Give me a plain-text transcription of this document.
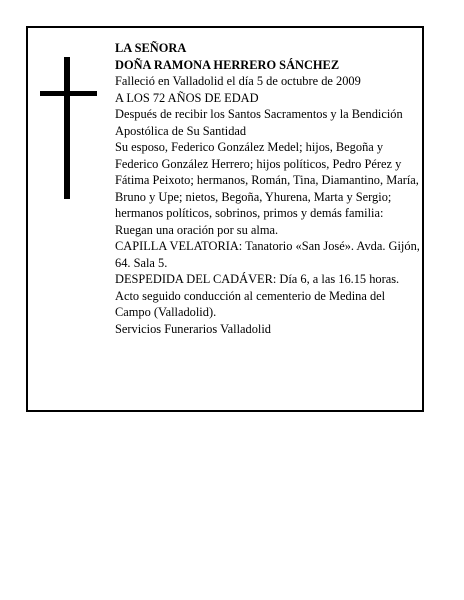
LA SEÑORA

DOÑA RAMONA HERRERO SÁNCHEZ

Falleció en Valladolid el día 5 de octubre de 2009

A LOS 72 AÑOS DE EDAD

Después de recibir los Santos Sacramentos y la Bendición Apostólica de Su Santidad

Su esposo, Federico González Medel; hijos, Begoña y Federico González Herrero; hijos políticos, Pedro Pérez y Fátima Peixoto; hermanos, Román, Tina, Diamantino, María, Bruno y Upe; nietos, Begoña, Yhurena, Marta y Sergio; hermanos políticos, sobrinos, primos y demás familia:

Ruegan una oración por su alma.

CAPILLA VELATORIA: Tanatorio «San José». Avda. Gijón, 64. Sala 5.

DESPEDIDA DEL CADÁVER: Día 6, a las 16.15 horas. Acto seguido conducción al cementerio de Medina del Campo (Valladolid).

Servicios Funerarios Valladolid
